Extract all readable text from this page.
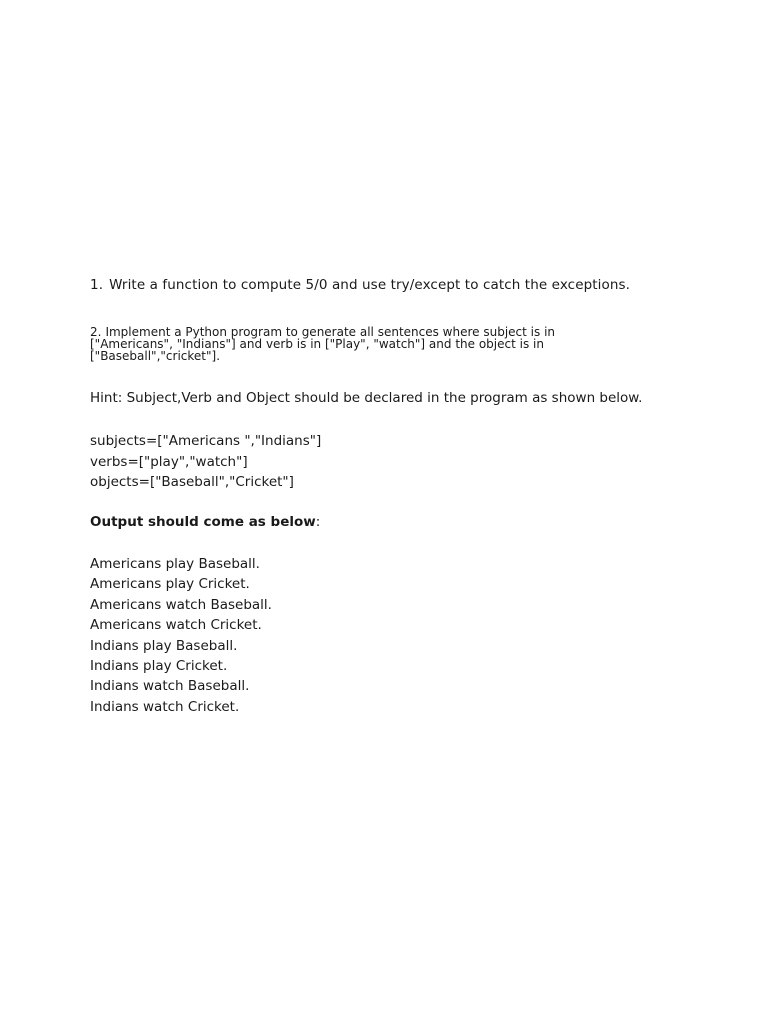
1. Write a function to compute 5/0 and use try/except to catch the exceptions.
2. Implement a Python program to generate all sentences where subject is in
["Americans", "Indians"] and verb is in ["Play", "watch"] and the object is in
["Baseball","cricket"].
Hint: Subject,Verb and Object should be declared in the program as shown below.
subjects=["Americans ","Indians"]
verbs=["play","watch"]
objects=["Baseball","Cricket"]
Output should come as below:
Americans play Baseball.
Americans play Cricket.
Americans watch Baseball.
Americans watch Cricket.
Indians play Baseball.
Indians play Cricket.
Indians watch Baseball.
Indians watch Cricket.
